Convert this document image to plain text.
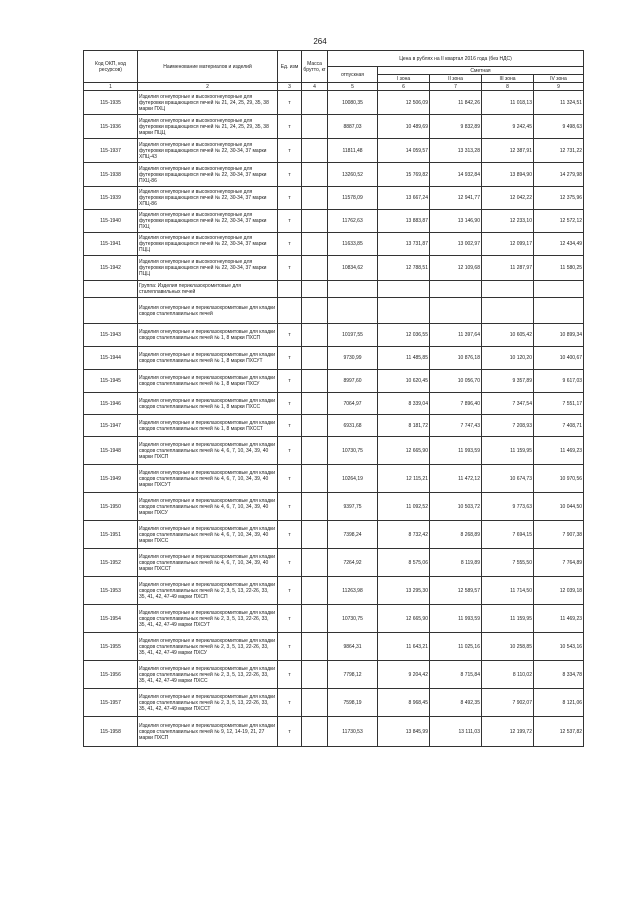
264
Код ОКП, код ресурсов)	Наименование материалов и изделий	Ед. изм	Масса брутто, кг	Цена в рублях на II квартал 2016 года (без НДС)				
				отпускная	Сметная			
					I зона	II зона	III зона	IV зона
1	2	3	4	5	6	7	8	9
115-1935	Изделия огнеупорные и высокоогнеупорные для футеровки вращающихся печей № 21, 24, 25, 29, 35, 38 марки ПХЦ	т		10080,35	12 506,09	11 842,26	11 018,13	11 324,51
115-1936	Изделия огнеупорные и высокоогнеупорные для футеровки вращающихся печей № 21, 24, 25, 29, 35, 38 марки ПЦЦ	т		8887,03	10 489,69	9 832,89	9 242,45	9 498,63
115-1937	Изделия огнеупорные и высокоогнеупорные для футеровки вращающихся печей № 22, 30-34, 37 марки ХПЦ-43	т		11811,48	14 059,57	13 313,28	12 387,91	12 731,22
115-1938	Изделия огнеупорные и высокоогнеупорные для футеровки вращающихся печей № 22, 30-34, 37 марки ПХЦ-86	т		13260,52	15 769,82	14 932,84	13 894,90	14 279,98
115-1939	Изделия огнеупорные и высокоогнеупорные для футеровки вращающихся печей № 22, 30-34, 37 марки ХПЦ-86	т		11578,09	13 667,24	12 941,77	12 042,22	12 375,96
115-1940	Изделия огнеупорные и высокоогнеупорные для футеровки вращающихся печей № 22, 30-34, 37 марки ПХЦ	т		11762,63	13 883,87	13 146,90	12 233,10	12 572,12
115-1941	Изделия огнеупорные и высокоогнеупорные для футеровки вращающихся печей № 22, 30-34, 37 марки ПЦЦ	т		11633,85	13 731,87	13 002,97	12 099,17	12 434,49
115-1942	Изделия огнеупорные и высокоогнеупорные для футеровки вращающихся печей № 22, 30-34, 37 марки ПЦЦ	т		10834,62	12 788,51	12 109,68	11 287,97	11 580,25
	Группа: Изделия периклазохромитовые для сталеплавильных печей							
	Изделия огнеупорные и периклазохромитовые для кладки сводов сталеплавильных печей							
115-1943	Изделия огнеупорные и периклазохромитовые для кладки сводов сталеплавильных печей № 1, 8 марки ПХСП	т		10197,55	12 036,55	11 397,64	10 605,42	10 899,34
115-1944	Изделия огнеупорные и периклазохромитовые для кладки сводов сталеплавильных печей № 1, 8 марки ПХСУТ	т		9730,99	11 485,85	10 876,18	10 120,20	10 400,67
115-1945	Изделия огнеупорные и периклазохромитовые для кладки сводов сталеплавильных печей № 1, 8 марки ПХСУ	т		8997,60	10 620,45	10 056,70	9 357,89	9 617,03
115-1946	Изделия огнеупорные и периклазохромитовые для кладки сводов сталеплавильных печей № 1, 8 марки ПХСС	т		7064,97	8 339,04	7 896,40	7 347,54	7 551,17
115-1947	Изделия огнеупорные и периклазохромитовые для кладки сводов сталеплавильных печей № 1, 8 марки ПХССТ	т		6931,68	8 181,72	7 747,43	7 208,93	7 408,71
115-1948	Изделия огнеупорные и периклазохромитовые для кладки сводов сталеплавильных печей № 4, 6, 7, 10, 34, 39, 40 марки ПХСП	т		10730,75	12 665,90	11 993,59	11 159,95	11 469,23
115-1949	Изделия огнеупорные и периклазохромитовые для кладки сводов сталеплавильных печей № 4, 6, 7, 10, 34, 39, 40 марки ПХСУТ	т		10264,19	12 115,21	11 472,12	10 674,73	10 970,56
115-1950	Изделия огнеупорные и периклазохромитовые для кладки сводов сталеплавильных печей № 4, 6, 7, 10, 34, 39, 40 марки ПХСУ	т		9397,75	11 092,52	10 503,72	9 773,63	10 044,50
115-1951	Изделия огнеупорные и периклазохромитовые для кладки сводов сталеплавильных печей № 4, 6, 7, 10, 34, 39, 40 марки ПХСС	т		7398,24	8 732,42	8 268,89	7 694,15	7 907,38
115-1952	Изделия огнеупорные и периклазохромитовые для кладки сводов сталеплавильных печей № 4, 6, 7, 10, 34, 39, 40 марки ПХССТ	т		7264,92	8 575,06	8 119,89	7 555,50	7 764,89
115-1953	Изделия огнеупорные и периклазохромитовые для кладки сводов сталеплавильных печей № 2, 3, 5, 13, 22-26, 33, 35, 41, 42, 47-49 марки ПХСП	т		11263,98	13 295,30	12 589,57	11 714,50	12 039,18
115-1954	Изделия огнеупорные и периклазохромитовые для кладки сводов сталеплавильных печей № 2, 3, 5, 13, 22-26, 33, 35, 41, 42, 47-49 марки ПХСУТ	т		10730,75	12 665,90	11 993,59	11 159,95	11 469,23
115-1955	Изделия огнеупорные и периклазохромитовые для кладки сводов сталеплавильных печей № 2, 3, 5, 13, 22-26, 33, 35, 41, 42, 47-49 марки ПХСУ	т		9864,31	11 643,21	11 025,16	10 258,85	10 543,16
115-1956	Изделия огнеупорные и периклазохромитовые для кладки сводов сталеплавильных печей № 2, 3, 5, 13, 22-26, 33, 35, 41, 42, 47-49 марки ПХСС	т		7798,12	9 204,42	8 715,84	8 110,02	8 334,78
115-1957	Изделия огнеупорные и периклазохромитовые для кладки сводов сталеплавильных печей № 2, 3, 5, 13, 22-26, 33, 35, 41, 42, 47-49 марки ПХССТ	т		7598,19	8 968,45	8 492,35	7 902,07	8 121,06
115-1958	Изделия огнеупорные и периклазохромитовые для кладки сводов сталеплавильных печей № 9, 12, 14-19, 21, 27 марки ПХСП	т		11730,53	13 845,99	13 111,03	12 199,72	12 537,82
